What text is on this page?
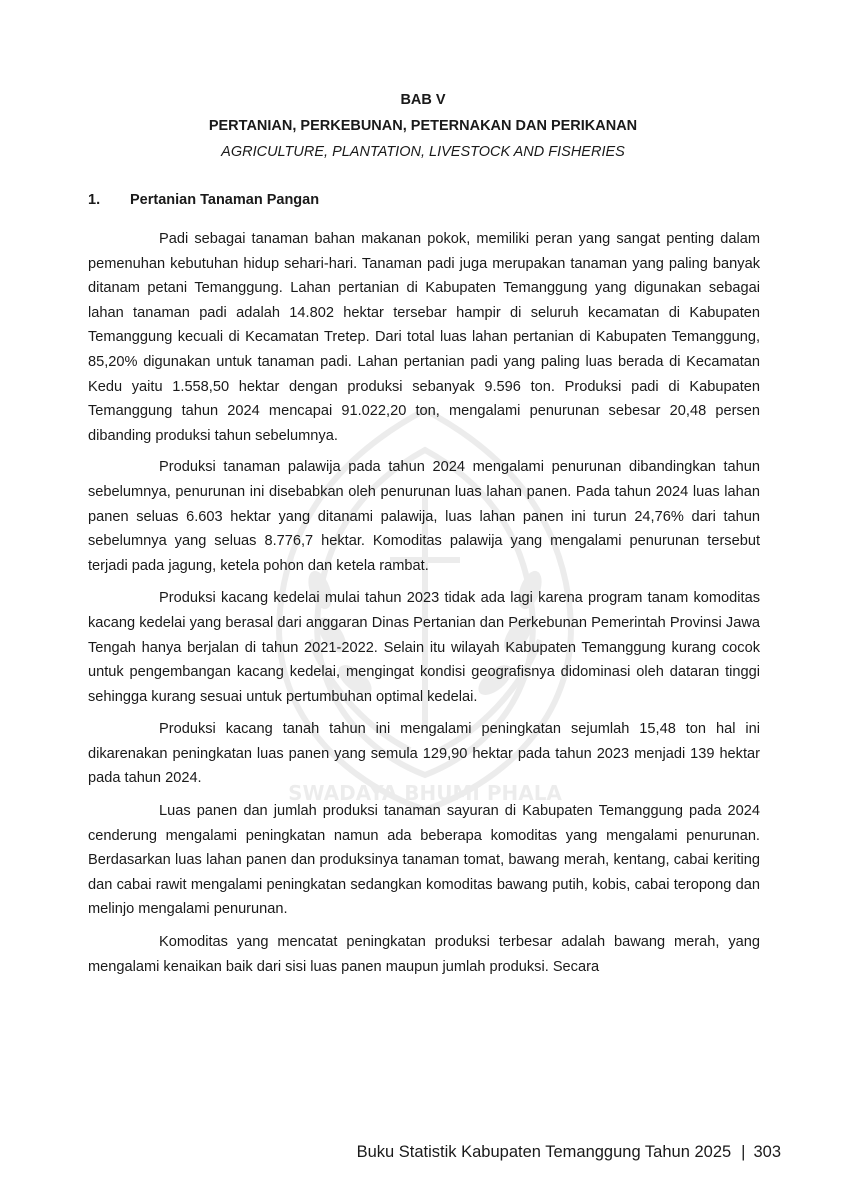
SWADAYA BHUMI PHALA
BAB V
PERTANIAN, PERKEBUNAN, PETERNAKAN DAN PERIKANAN
AGRICULTURE, PLANTATION, LIVESTOCK AND FISHERIES
1. Pertanian Tanaman Pangan

Padi sebagai tanaman bahan makanan pokok, memiliki peran yang sangat penting dalam pemenuhan kebutuhan hidup sehari-hari. Tanaman padi juga merupakan tanaman yang paling banyak ditanam petani Temanggung. Lahan pertanian di Kabupaten Temanggung yang digunakan sebagai lahan tanaman padi adalah 14.802 hektar tersebar hampir di seluruh kecamatan di Kabupaten Temanggung kecuali di Kecamatan Tretep. Dari total luas lahan pertanian di Kabupaten Temanggung, 85,20% digunakan untuk tanaman padi. Lahan pertanian padi yang paling luas berada di Kecamatan Kedu yaitu 1.558,50 hektar dengan produksi sebanyak 9.596 ton. Produksi padi di Kabupaten Temanggung tahun 2024 mencapai 91.022,20 ton, mengalami penurunan sebesar 20,48 persen dibanding produksi tahun sebelumnya.

Produksi tanaman palawija pada tahun 2024 mengalami penurunan dibandingkan tahun sebelumnya, penurunan ini disebabkan oleh penurunan luas lahan panen. Pada tahun 2024 luas lahan panen seluas 6.603 hektar yang ditanami palawija, luas lahan panen ini turun 24,76% dari tahun sebelumnya yang seluas 8.776,7 hektar. Komoditas palawija yang mengalami penurunan tersebut terjadi pada jagung, ketela pohon dan ketela rambat.

Produksi kacang kedelai mulai tahun 2023 tidak ada lagi karena program tanam komoditas kacang kedelai yang berasal dari anggaran Dinas Pertanian dan Perkebunan Pemerintah Provinsi Jawa Tengah hanya berjalan di tahun 2021-2022. Selain itu wilayah Kabupaten Temanggung kurang cocok untuk pengembangan kacang kedelai, mengingat kondisi geografisnya didominasi oleh dataran tinggi sehingga kurang sesuai untuk pertumbuhan optimal kedelai.

Produksi kacang tanah tahun ini mengalami peningkatan sejumlah 15,48 ton hal ini dikarenakan peningkatan luas panen yang semula 129,90 hektar pada tahun 2023 menjadi 139 hektar pada tahun 2024.

Luas panen dan jumlah produksi tanaman sayuran di Kabupaten Temanggung pada 2024 cenderung mengalami peningkatan namun ada beberapa komoditas yang mengalami penurunan. Berdasarkan luas lahan panen dan produksinya tanaman tomat, bawang merah, kentang, cabai keriting dan cabai rawit mengalami peningkatan sedangkan komoditas bawang putih, kobis, cabai teropong dan melinjo mengalami penurunan.

Komoditas yang mencatat peningkatan produksi terbesar adalah bawang merah, yang mengalami kenaikan baik dari sisi luas panen maupun jumlah produksi. Secara

Buku Statistik Kabupaten Temanggung Tahun 2025 | 303
